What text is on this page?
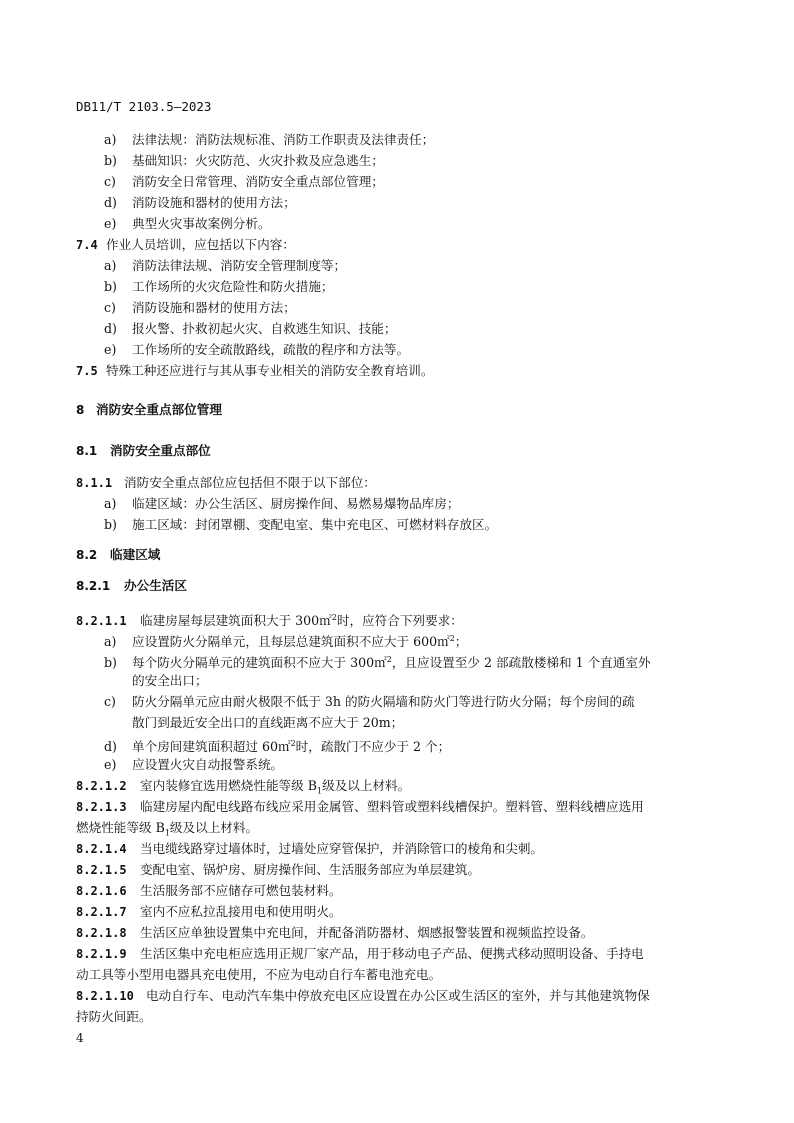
DB11/T 2103.5—2023
a) 法律法规：消防法规标准、消防工作职责及法律责任；
b) 基础知识：火灾防范、火灾扑救及应急逃生；
c) 消防安全日常管理、消防安全重点部位管理；
d) 消防设施和器材的使用方法；
e) 典型火灾事故案例分析。
7.4 作业人员培训，应包括以下内容：
a) 消防法律法规、消防安全管理制度等；
b) 工作场所的火灾危险性和防火措施；
c) 消防设施和器材的使用方法；
d) 报火警、扑救初起火灾、自救逃生知识、技能；
e) 工作场所的安全疏散路线，疏散的程序和方法等。
7.5 特殊工种还应进行与其从事专业相关的消防安全教育培训。
8 消防安全重点部位管理
8.1 消防安全重点部位
8.1.1 消防安全重点部位应包括但不限于以下部位：
a) 临建区域：办公生活区、厨房操作间、易燃易爆物品库房；
b) 施工区域：封闭罩棚、变配电室、集中充电区、可燃材料存放区。
8.2 临建区域
8.2.1 办公生活区
8.2.1.1 临建房屋每层建筑面积大于 300㎡$^2$时，应符合下列要求：
a) 应设置防火分隔单元，且每层总建筑面积不应大于 600㎡$^2$；
b) 每个防火分隔单元的建筑面积不应大于 300㎡$^2$，且应设置至少 2 部疏散楼梯和 1 个直通室外
的安全出口；
c) 防火分隔单元应由耐火极限不低于 3h 的防火隔墙和防火门等进行防火分隔；每个房间的疏
散门到最近安全出口的直线距离不应大于 20m；
d) 单个房间建筑面积超过 60㎡$^2$时，疏散门不应少于 2 个；
e) 应设置火灾自动报警系统。
8.2.1.2 室内装修宜选用燃烧性能等级 $B_1$级及以上材料。
8.2.1.3 临建房屋内配电线路布线应采用金属管、塑料管或塑料线槽保护。塑料管、塑料线槽应选用
燃烧性能等级 $B_1$级及以上材料。
8.2.1.4 当电缆线路穿过墙体时，过墙处应穿管保护，并消除管口的棱角和尖刺。
8.2.1.5 变配电室、锅炉房、厨房操作间、生活服务部应为单层建筑。
8.2.1.6 生活服务部不应储存可燃包装材料。
8.2.1.7 室内不应私拉乱接用电和使用明火。
8.2.1.8 生活区应单独设置集中充电间，并配备消防器材、烟感报警装置和视频监控设备。
8.2.1.9 生活区集中充电柜应选用正规厂家产品，用于移动电子产品、便携式移动照明设备、手持电
动工具等小型用电器具充电使用，不应为电动自行车蓄电池充电。
8.2.1.10 电动自行车、电动汽车集中停放充电区应设置在办公区或生活区的室外，并与其他建筑物保
持防火间距。
4
